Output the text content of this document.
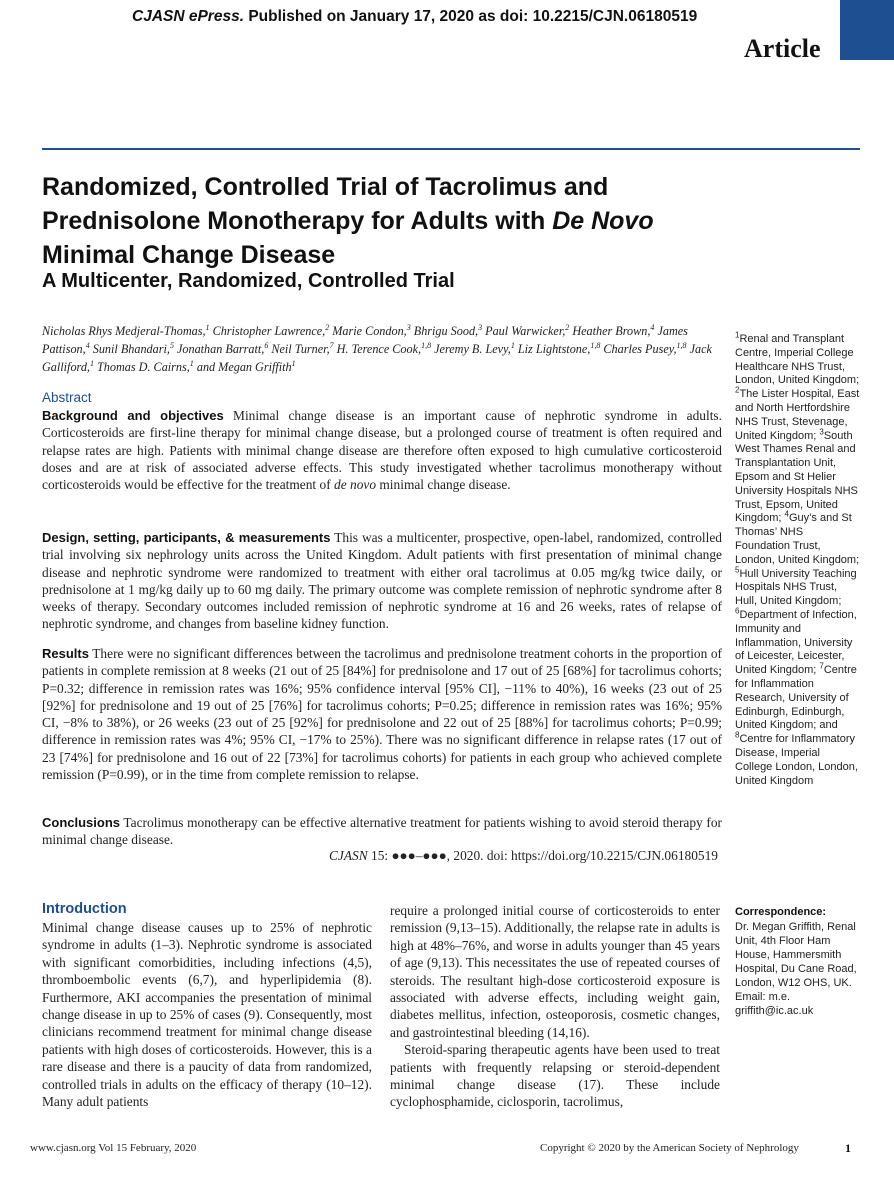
CJASN ePress. Published on January 17, 2020 as doi: 10.2215/CJN.06180519
Article
Randomized, Controlled Trial of Tacrolimus and
Prednisolone Monotherapy for Adults with De Novo
Minimal Change Disease
A Multicenter, Randomized, Controlled Trial
Nicholas Rhys Medjeral-Thomas,$^1$ Christopher Lawrence,$^2$ Marie Condon,$^3$ Bhrigu Sood,$^3$ Paul Warwicker,$^2$ Heather Brown,$^4$ James Pattison,$^4$ Sunil Bhandari,$^5$ Jonathan Barratt,$^6$ Neil Turner,$^7$ H. Terence Cook,$^{1,8}$ Jeremy B. Levy,$^1$ Liz Lightstone,$^{1,8}$ Charles Pusey,$^{1,8}$ Jack Galliford,$^1$ Thomas D. Cairns,$^1$ and Megan Griffith$^1$
Abstract
Background and objectives Minimal change disease is an important cause of nephrotic syndrome in adults. Corticosteroids are first-line therapy for minimal change disease, but a prolonged course of treatment is often required and relapse rates are high. Patients with minimal change disease are therefore often exposed to high cumulative corticosteroid doses and are at risk of associated adverse effects. This study investigated whether tacrolimus monotherapy without corticosteroids would be effective for the treatment of de novo minimal change disease.
Design, setting, participants, & measurements This was a multicenter, prospective, open-label, randomized, controlled trial involving six nephrology units across the United Kingdom. Adult patients with first presentation of minimal change disease and nephrotic syndrome were randomized to treatment with either oral tacrolimus at 0.05 mg/kg twice daily, or prednisolone at 1 mg/kg daily up to 60 mg daily. The primary outcome was complete remission of nephrotic syndrome after 8 weeks of therapy. Secondary outcomes included remission of nephrotic syndrome at 16 and 26 weeks, rates of relapse of nephrotic syndrome, and changes from baseline kidney function.
Results There were no significant differences between the tacrolimus and prednisolone treatment cohorts in the proportion of patients in complete remission at 8 weeks (21 out of 25 [84%] for prednisolone and 17 out of 25 [68%] for tacrolimus cohorts; P=0.32; difference in remission rates was 16%; 95% confidence interval [95% CI], −11% to 40%), 16 weeks (23 out of 25 [92%] for prednisolone and 19 out of 25 [76%] for tacrolimus cohorts; P=0.25; difference in remission rates was 16%; 95% CI, −8% to 38%), or 26 weeks (23 out of 25 [92%] for prednisolone and 22 out of 25 [88%] for tacrolimus cohorts; P=0.99; difference in remission rates was 4%; 95% CI, −17% to 25%). There was no significant difference in relapse rates (17 out of 23 [74%] for prednisolone and 16 out of 22 [73%] for tacrolimus cohorts) for patients in each group who achieved complete remission (P=0.99), or in the time from complete remission to relapse.
Conclusions Tacrolimus monotherapy can be effective alternative treatment for patients wishing to avoid steroid therapy for minimal change disease.
CJASN 15: ●●●–●●●, 2020. doi: https://doi.org/10.2215/CJN.06180519
$^1$Renal and Transplant Centre, Imperial College Healthcare NHS Trust, London, United Kingdom; $^2$The Lister Hospital, East and North Hertfordshire NHS Trust, Stevenage, United Kingdom; $^3$South West Thames Renal and Transplantation Unit, Epsom and St Helier University Hospitals NHS Trust, Epsom, United Kingdom; $^4$Guy’s and St Thomas’ NHS Foundation Trust, London, United Kingdom; $^5$Hull University Teaching Hospitals NHS Trust, Hull, United Kingdom; $^6$Department of Infection, Immunity and Inflammation, University of Leicester, Leicester, United Kingdom; $^7$Centre for Inflammation Research, University of Edinburgh, Edinburgh, United Kingdom; and $^8$Centre for Inflammatory Disease, Imperial College London, London, United Kingdom
Correspondence:
Dr. Megan Griffith, Renal Unit, 4th Floor Ham House, Hammersmith Hospital, Du Cane Road, London, W12 OHS, UK. Email: m.e. griffith@ic.ac.uk
Introduction

Minimal change disease causes up to 25% of nephrotic syndrome in adults (1–3). Nephrotic syndrome is associated with significant comorbidities, including infections (4,5), thromboembolic events (6,7), and hyperlipidemia (8). Furthermore, AKI accompanies the presentation of minimal change disease in up to 25% of cases (9). Consequently, most clinicians recommend treatment for minimal change disease patients with high doses of corticosteroids. However, this is a rare disease and there is a paucity of data from randomized, controlled trials in adults on the efficacy of therapy (10–12). Many adult patients

require a prolonged initial course of corticosteroids to enter remission (9,13–15). Additionally, the relapse rate in adults is high at 48%–76%, and worse in adults younger than 45 years of age (9,13). This necessitates the use of repeated courses of steroids. The resultant high-dose corticosteroid exposure is associated with adverse effects, including weight gain, diabetes mellitus, infection, osteoporosis, cosmetic changes, and gastrointestinal bleeding (14,16).

Steroid-sparing therapeutic agents have been used to treat patients with frequently relapsing or steroid-dependent minimal change disease (17). These include cyclophosphamide, ciclosporin, tacrolimus,

www.cjasn.org Vol 15 February, 2020	Copyright © 2020 by the American Society of Nephrology	1
